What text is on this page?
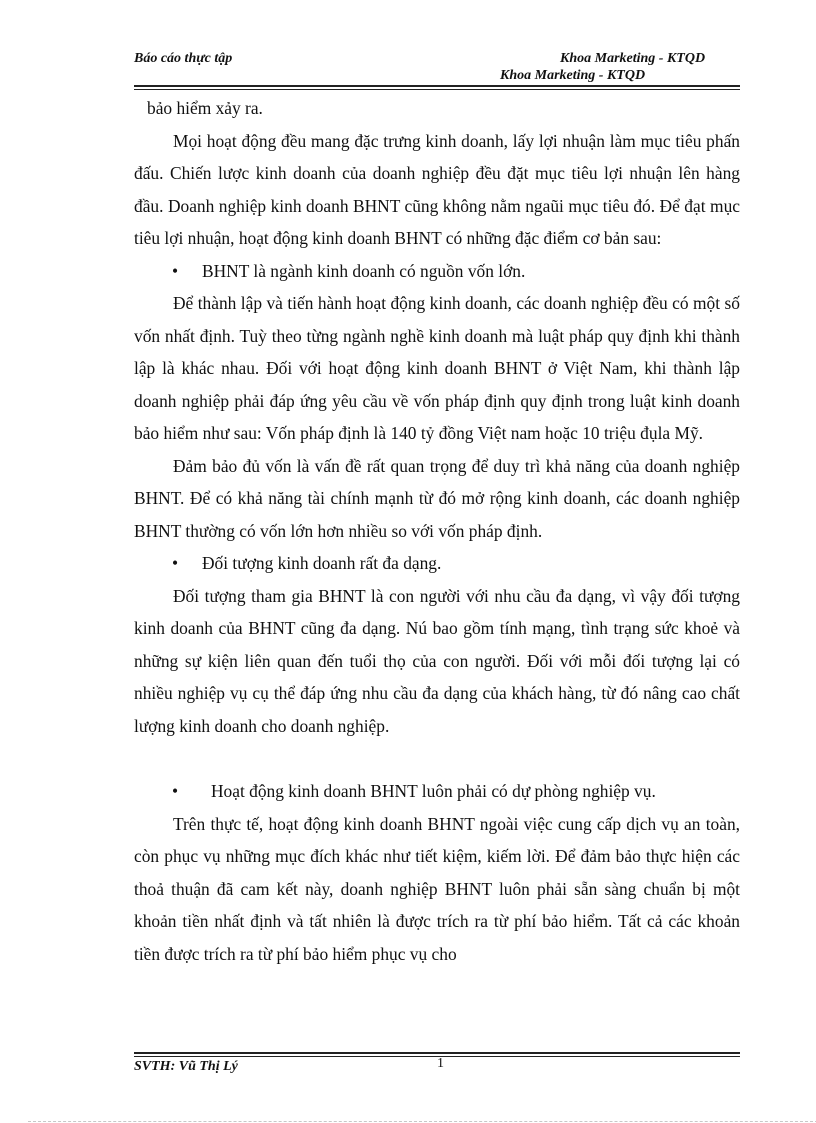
Báo cáo thực tập	Khoa Marketing - KTQD
Khoa Marketing - KTQD

bảo hiểm xảy ra.

Mọi hoạt động đều mang đặc trưng kinh doanh, lấy lợi nhuận làm mục tiêu phấn đấu. Chiến lược kinh doanh của doanh nghiệp đều đặt mục tiêu lợi nhuận lên hàng đầu. Doanh nghiệp kinh doanh BHNT cũng không nằm ngaũi mục tiêu đó. Để đạt mục tiêu lợi nhuận, hoạt động kinh doanh BHNT có những đặc điểm cơ bản sau:

• BHNT là ngành kinh doanh có nguồn vốn lớn.

Để thành lập và tiến hành hoạt động kinh doanh, các doanh nghiệp đều có một số vốn nhất định. Tuỳ theo từng ngành nghề kinh doanh mà luật pháp quy định khi thành lập là khác nhau. Đối với hoạt động kinh doanh BHNT ở Việt Nam, khi thành lập doanh nghiệp phải đáp ứng yêu cầu về vốn pháp định quy định trong luật kinh doanh bảo hiểm như sau: Vốn pháp định là 140 tỷ đồng Việt nam hoặc 10 triệu đụla Mỹ.

Đảm bảo đủ vốn là vấn đề rất quan trọng để duy trì khả năng của doanh nghiệp BHNT. Để có khả năng tài chính mạnh từ đó mở rộng kinh doanh, các doanh nghiệp BHNT thường có vốn lớn hơn nhiều so với vốn pháp định.

• Đối tượng kinh doanh rất đa dạng.

Đối tượng tham gia BHNT là con người với nhu cầu đa dạng, vì vậy đối tượng kinh doanh của BHNT cũng đa dạng. Nú bao gồm tính mạng, tình trạng sức khoẻ và những sự kiện liên quan đến tuổi thọ của con người. Đối với mỗi đối tượng lại có nhiều nghiệp vụ cụ thể đáp ứng nhu cầu đa dạng của khách hàng, từ đó nâng cao chất lượng kinh doanh cho doanh nghiệp.

• Hoạt động kinh doanh BHNT luôn phải có dự phòng nghiệp vụ.

Trên thực tế, hoạt động kinh doanh BHNT ngoài việc cung cấp dịch vụ an toàn, còn phục vụ những mục đích khác như tiết kiệm, kiếm lời. Để đảm bảo thực hiện các thoả thuận đã cam kết này, doanh nghiệp BHNT luôn phải sẵn sàng chuẩn bị một khoản tiền nhất định và tất nhiên là được trích ra từ phí bảo hiểm. Tất cả các khoản tiền được trích ra từ phí bảo hiểm phục vụ cho

SVTH: Vũ Thị Lý	1
